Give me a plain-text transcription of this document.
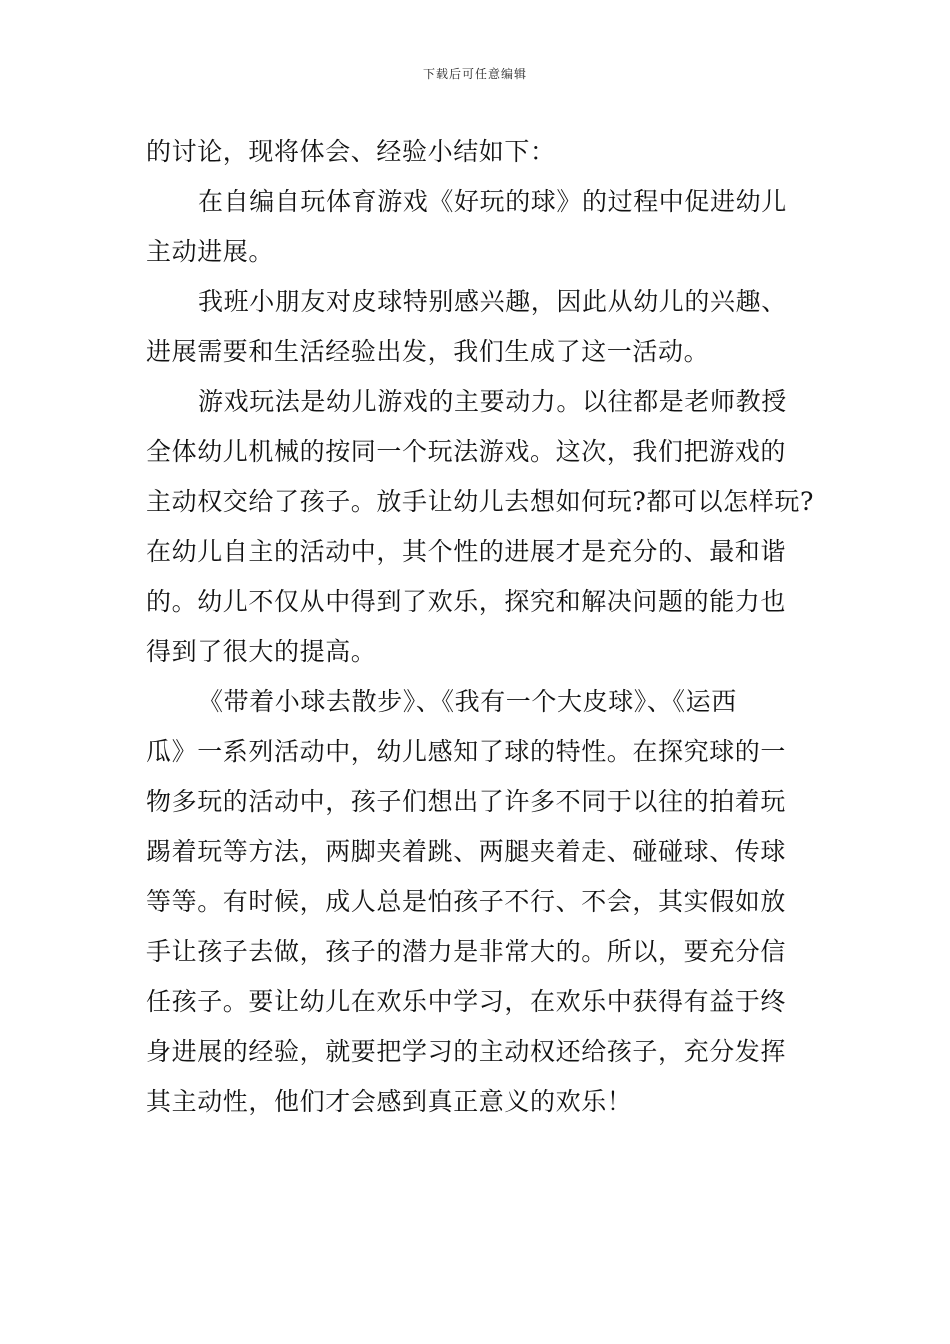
下载后可任意编辑
的讨论，现将体会、经验小结如下：
在自编自玩体育游戏《好玩的球》的过程中促进幼儿
主动进展。
我班小朋友对皮球特别感兴趣，因此从幼儿的兴趣、
进展需要和生活经验出发，我们生成了这一活动。
游戏玩法是幼儿游戏的主要动力。以往都是老师教授
全体幼儿机械的按同一个玩法游戏。这次，我们把游戏的
主动权交给了孩子。放手让幼儿去想如何玩?都可以怎样玩?
在幼儿自主的活动中，其个性的进展才是充分的、最和谐
的。幼儿不仅从中得到了欢乐，探究和解决问题的能力也
得到了很大的提高。
《带着小球去散步》、《我有一个大皮球》、《运西
瓜》一系列活动中，幼儿感知了球的特性。在探究球的一
物多玩的活动中，孩子们想出了许多不同于以往的拍着玩
踢着玩等方法，两脚夹着跳、两腿夹着走、碰碰球、传球
等等。有时候，成人总是怕孩子不行、不会，其实假如放
手让孩子去做，孩子的潜力是非常大的。所以，要充分信
任孩子。要让幼儿在欢乐中学习，在欢乐中获得有益于终
身进展的经验，就要把学习的主动权还给孩子，充分发挥
其主动性，他们才会感到真正意义的欢乐！
